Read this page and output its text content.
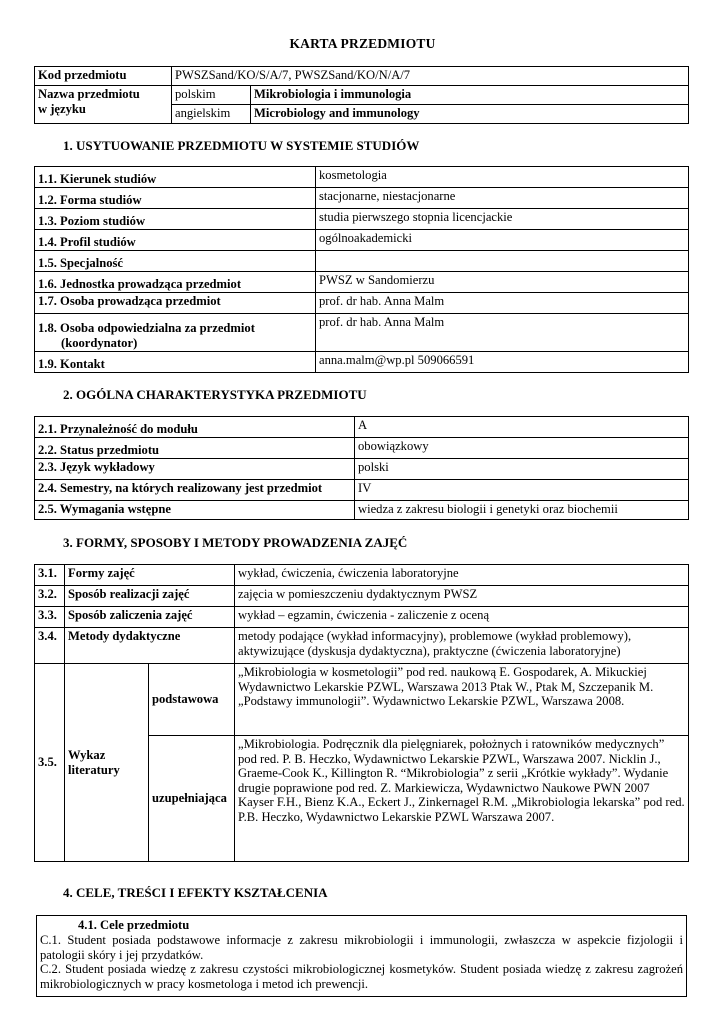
KARTA PRZEDMIOTU
Kod przedmiotu	PWSZSand/KO/S/A/7, PWSZSand/KO/N/A/7	
Nazwa przedmiotu
w języku	polskim	Mikrobiologia i immunologia
	angielskim	Microbiology and immunology
1. USYTUOWANIE PRZEDMIOTU W SYSTEMIE STUDIÓW
1.1. Kierunek studiów	kosmetologia
1.2. Forma studiów	stacjonarne, niestacjonarne
1.3. Poziom studiów	studia pierwszego stopnia licencjackie
1.4. Profil studiów	ogólnoakademicki
1.5. Specjalność	
1.6. Jednostka prowadząca przedmiot	PWSZ w Sandomierzu
1.7. Osoba prowadząca przedmiot	prof. dr hab. Anna Malm
1.8. Osoba odpowiedzialna za przedmiot
(koordynator)	prof. dr hab. Anna Malm
1.9. Kontakt	anna.malm@wp.pl 509066591
2. OGÓLNA CHARAKTERYSTYKA PRZEDMIOTU
2.1. Przynależność do modułu	A
2.2. Status przedmiotu	obowiązkowy
2.3. Język wykładowy	polski
2.4. Semestry, na których realizowany jest przedmiot	IV
2.5. Wymagania wstępne	wiedza z zakresu biologii i genetyki oraz biochemii
3. FORMY, SPOSOBY I METODY PROWADZENIA ZAJĘĆ
3.1.	Formy zajęć		wykład, ćwiczenia, ćwiczenia laboratoryjne
3.2.	Sposób realizacji zajęć		zajęcia w pomieszczeniu dydaktycznym PWSZ
3.3.	Sposób zaliczenia zajęć		wykład – egzamin, ćwiczenia - zaliczenie z oceną
3.4.	Metody dydaktyczne		metody podające (wykład informacyjny), problemowe (wykład problemowy), aktywizujące (dyskusja dydaktyczna), praktyczne (ćwiczenia laboratoryjne)
3.5.	Wykaz
literatury	podstawowa	„Mikrobiologia w kosmetologii” pod red. naukową E. Gospodarek, A. Mikuckiej Wydawnictwo Lekarskie PZWL, Warszawa 2013 Ptak W., Ptak M, Szczepanik M. „Podstawy immunologii”. Wydawnictwo Lekarskie PZWL, Warszawa 2008.
		uzupełniająca	„Mikrobiologia. Podręcznik dla pielęgniarek, położnych i ratowników medycznych” pod red. P. B. Heczko, Wydawnictwo Lekarskie PZWL, Warszawa 2007. Nicklin J., Graeme-Cook K., Killington R. “Mikrobiologia” z serii „Krótkie wykłady”. Wydanie drugie poprawione pod red. Z. Markiewicza, Wydawnictwo Naukowe PWN 2007 Kayser F.H., Bienz K.A., Eckert J., Zinkernagel R.M. „Mikrobiologia lekarska” pod red. P.B. Heczko, Wydawnictwo Lekarskie PZWL Warszawa 2007.
4. CELE, TREŚCI I EFEKTY KSZTAŁCENIA
4.1. Cele przedmiotu

C.1. Student posiada podstawowe informacje z zakresu mikrobiologii i immunologii, zwłaszcza w aspekcie fizjologii i patologii skóry i jej przydatków.

C.2. Student posiada wiedzę z zakresu czystości mikrobiologicznej kosmetyków. Student posiada wiedzę z zakresu zagrożeń mikrobiologicznych w pracy kosmetologa i metod ich prewencji.
